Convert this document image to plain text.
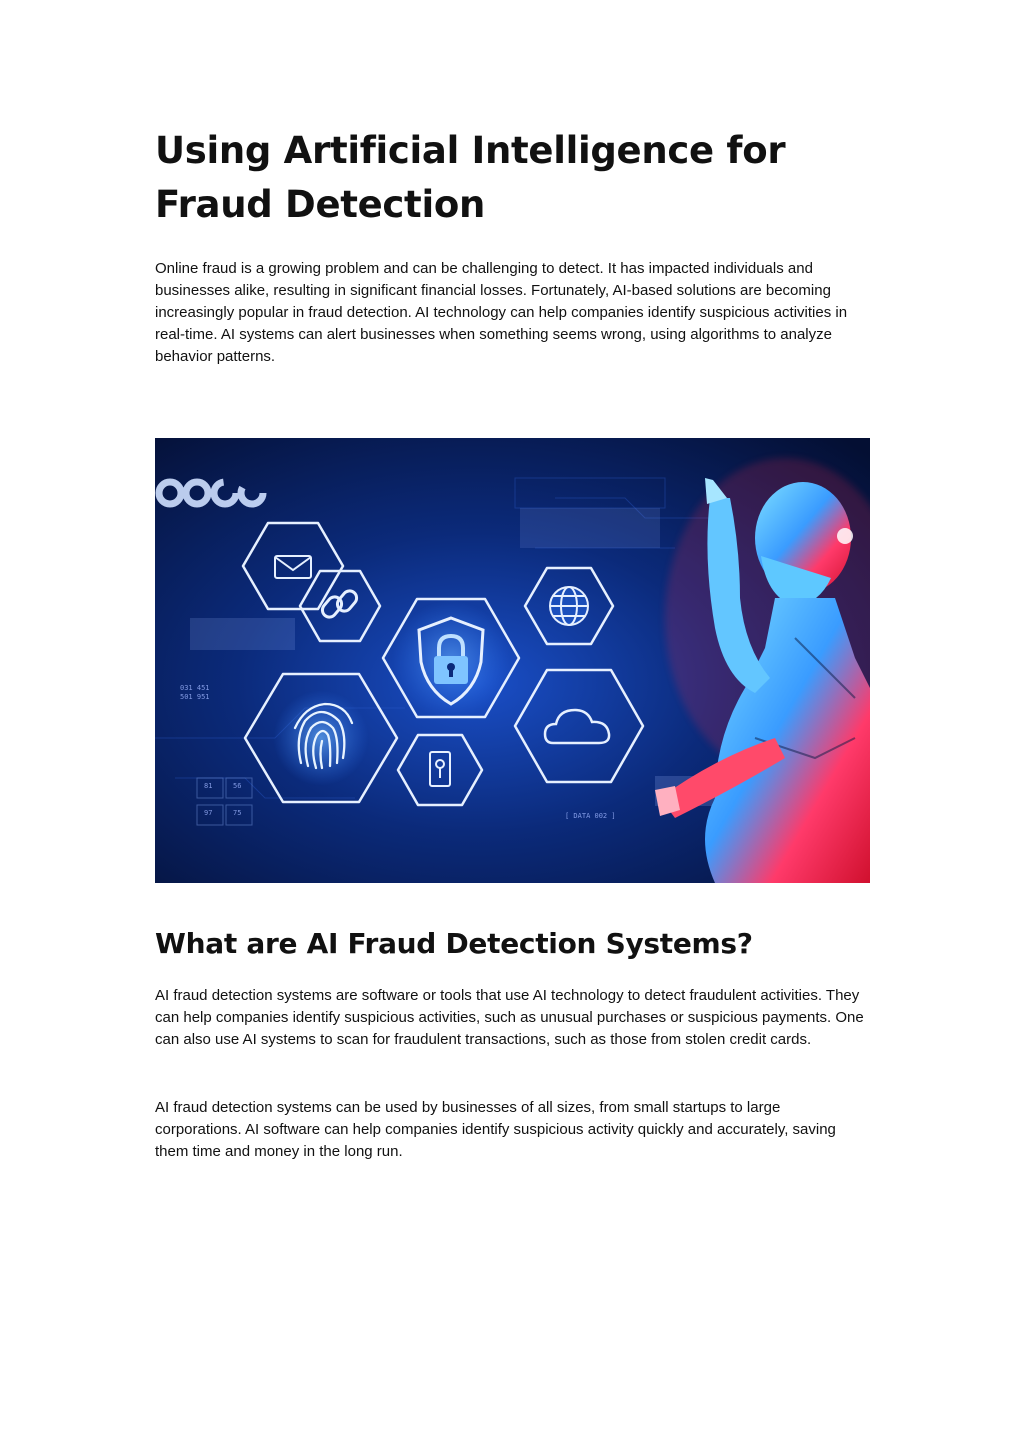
Using Artificial Intelligence for Fraud Detection

Online fraud is a growing problem and can be challenging to detect. It has impacted individuals and businesses alike, resulting in significant financial losses. Fortunately, AI-based solutions are becoming increasingly popular in fraud detection. AI technology can help companies identify suspicious activities in real-time. AI systems can alert businesses when something seems wrong, using algorithms to analyze behavior patterns.

031 451
501 951
81	56
97	75	[ DATA 002 ]
What are AI Fraud Detection Systems?

AI fraud detection systems are software or tools that use AI technology to detect fraudulent activities. They can help companies identify suspicious activities, such as unusual purchases or suspicious payments. One can also use AI systems to scan for fraudulent transactions, such as those from stolen credit cards.

AI fraud detection systems can be used by businesses of all sizes, from small startups to large corporations. AI software can help companies identify suspicious activity quickly and accurately, saving them time and money in the long run.
